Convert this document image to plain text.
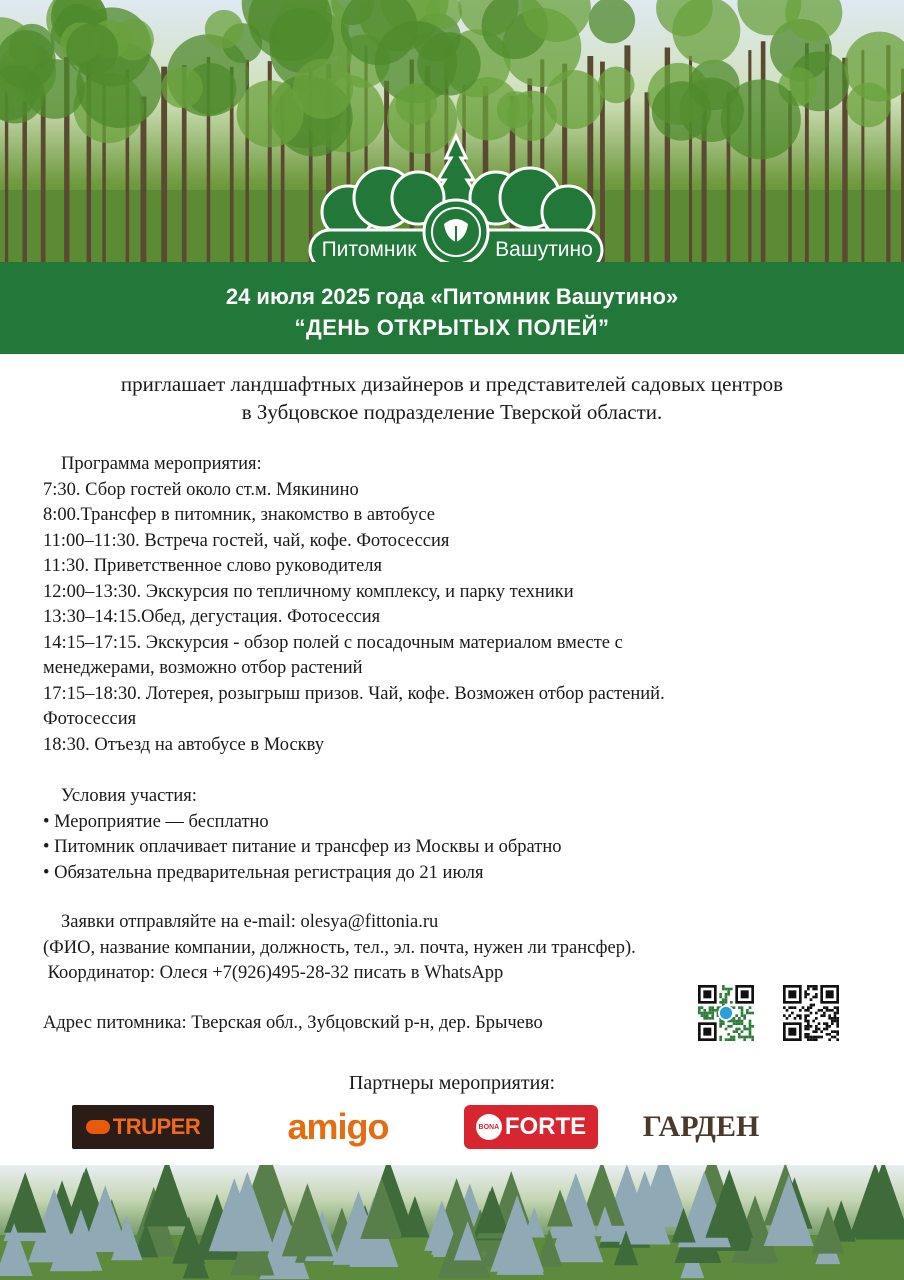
Питомник	Вашутино
24 июля 2025 года «Питомник Вашутино»
“ДЕНЬ ОТКРЫТЫХ ПОЛЕЙ”
приглашает ландшафтных дизайнеров и представителей садовых центров
в Зубцовское подразделение Тверской области.
Программа мероприятия:
7:30. Сбор гостей около ст.м. Мякинино
8:00.Трансфер в питомник, знакомство в автобусе
11:00–11:30. Встреча гостей, чай, кофе. Фотосессия
11:30. Приветственное слово руководителя
12:00–13:30. Экскурсия по тепличному комплексу, и парку техники
13:30–14:15.Обед, дегустация. Фотосессия
14:15–17:15. Экскурсия - обзор полей с посадочным материалом вместе с
менеджерами, возможно отбор растений
17:15–18:30. Лотерея, розыгрыш призов. Чай, кофе. Возможен отбор растений.
Фотосессия
18:30. Отъезд на автобусе в Москву
Условия участия:
• Мероприятие — бесплатно
• Питомник оплачивает питание и трансфер из Москвы и обратно
• Обязательна предварительная регистрация до 21 июля
Заявки отправляйте на e-mail: olesya@fittonia.ru
(ФИО, название компании, должность, тел., эл. почта, нужен ли трансфер).
Координатор: Олеся +7(926)495-28-32 писать в WhatsApp
Адрес питомника: Тверская обл., Зубцовский р-н, дер. Брычево
Партнеры мероприятия:
TRUPER amigo	BONA FORTE ГАРДЕН
